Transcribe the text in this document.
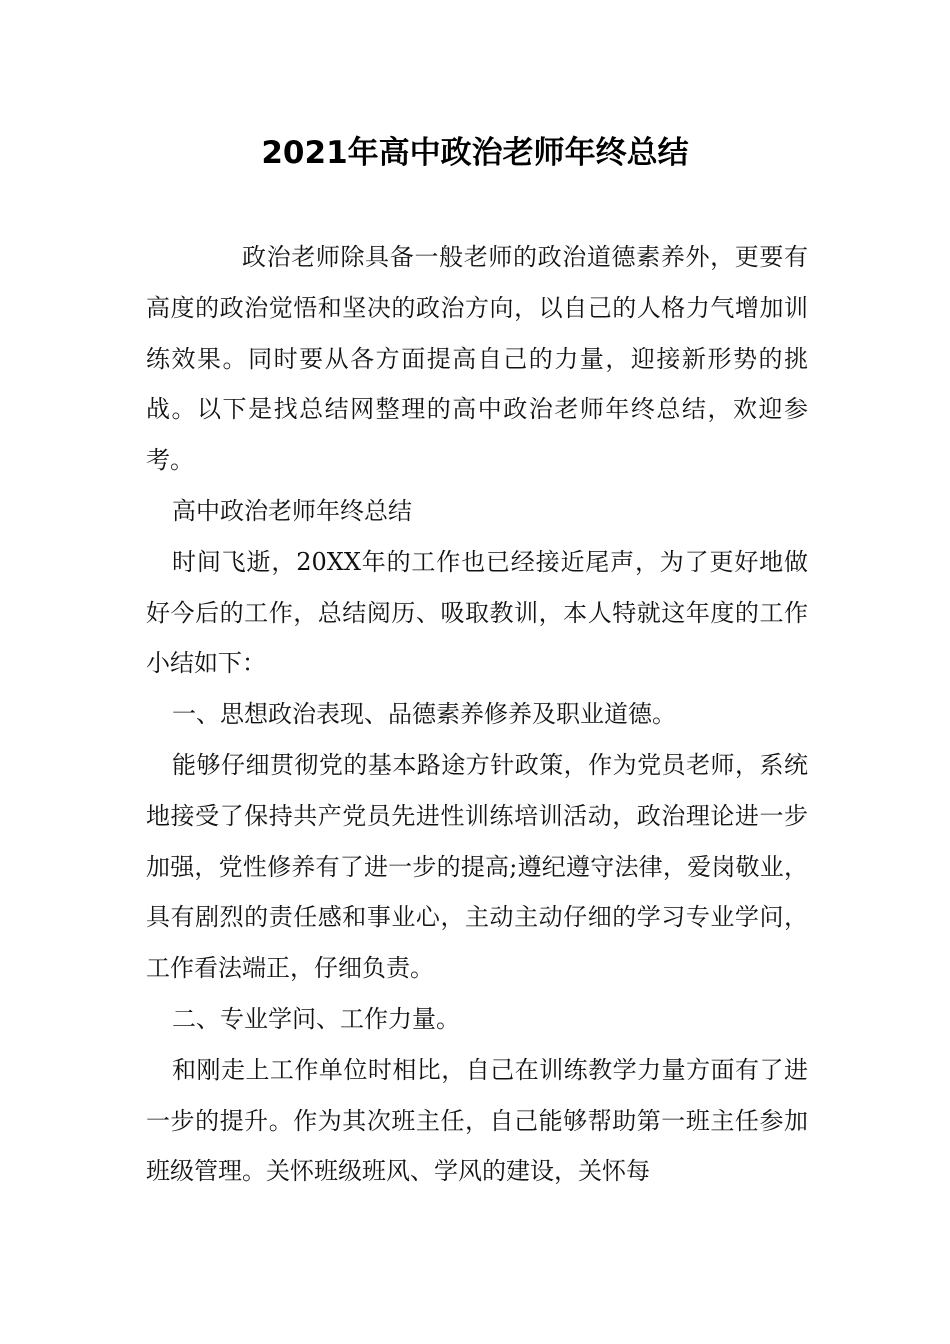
2021年高中政治老师年终总结

政治老师除具备一般老师的政治道德素养外，更要有高度的政治觉悟和坚决的政治方向，以自己的人格力气增加训练效果。同时要从各方面提高自己的力量，迎接新形势的挑战。以下是找总结网整理的高中政治老师年终总结，欢迎参考。

高中政治老师年终总结

时间飞逝，20XX年的工作也已经接近尾声，为了更好地做好今后的工作，总结阅历、吸取教训，本人特就这年度的工作小结如下：

一、思想政治表现、品德素养修养及职业道德。

能够仔细贯彻党的基本路途方针政策，作为党员老师，系统地接受了保持共产党员先进性训练培训活动，政治理论进一步加强，党性修养有了进一步的提高;遵纪遵守法律，爱岗敬业，具有剧烈的责任感和事业心，主动主动仔细的学习专业学问，工作看法端正，仔细负责。

二、专业学问、工作力量。

和刚走上工作单位时相比，自己在训练教学力量方面有了进一步的提升。作为其次班主任，自己能够帮助第一班主任参加班级管理。关怀班级班风、学风的建设，关怀每
